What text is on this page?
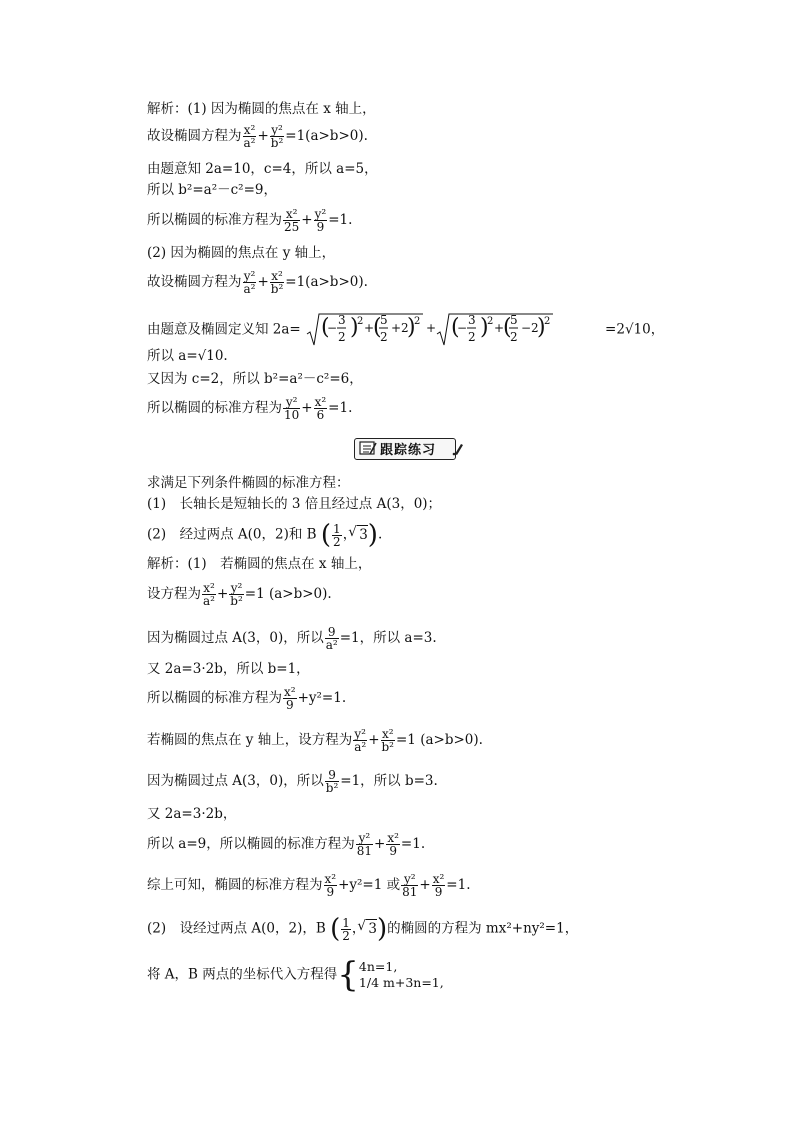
解析：(1) 因为椭圆的焦点在 x 轴上，
故设椭圆方程为 $\frac{\text{x²}}{\text{a²}} + \frac{\text{y²}}{\text{b²}} =1(a>b>0)$.
由题意知 2a=10，c=4，所以 a=5，
所以 b²=a²－c²=9，
所以椭圆的标准方程为 $\frac{\text{x²}}{25} + \frac{\text{y²}}{9} =1$.
(2) 因为椭圆的焦点在 y 轴上，
故设椭圆方程为 $\frac{\text{y²}}{\text{a²}} + \frac{\text{x²}}{\text{b²}} =1(a>b>0)$.
由题意及椭圆定义知 2a= (
−
3
2 )
2 +
(
5
2
+2
)
2 + (
−
3
2 )
2 +
(
5
2
−2
)
2	=2√10，
所以 a=√10.
又因为 c=2，所以 b²=a²－c²=6，
所以椭圆的标准方程为 $\frac{\text{y²}}{10} + \frac{\text{x²}}{6} =1$.
跟踪练习
求满足下列条件椭圆的标准方程：
(1)　长轴长是短轴长的 3 倍且经过点 A(3，0)；
(2)　经过两点 A(0，2)和 B ( $\frac{1}{2}$ ， √ 3).
解析：(1)　若椭圆的焦点在 x 轴上，
设方程为 $\frac{\text{x²}}{\text{a²}} + \frac{\text{y²}}{\text{b²}} =1$ (a>b>0).
因为椭圆过点 A(3，0)，所以 $\frac{9}{\text{a²}} =1$，所以 a=3.
又 2a=3·2b，所以 b=1，
所以椭圆的标准方程为 $\frac{\text{x²}}{9} +y^2=1$.
若椭圆的焦点在 y 轴上，设方程为 $\frac{\text{y²}}{\text{a²}} + \frac{\text{x²}}{\text{b²}} =1$ (a>b>0).
因为椭圆过点 A(3，0)，所以 $\frac{9}{\text{b²}} =1$，所以 b=3.
又 2a=3·2b，
所以 a=9，所以椭圆的标准方程为 $\frac{\text{y²}}{81} + \frac{\text{x²}}{9} =1$.
综上可知，椭圆的标准方程为 $\frac{\text{x²}}{9} +y^2=1$ 或 $\frac{\text{y²}}{81} + \frac{\text{x²}}{9} =1$.
(2)　设经过两点 A(0，2)，B ( $\frac{1}{2}$ ， √ 3)的椭圆的方程为 mx²+ny²=1，
将 A，B 两点的坐标代入方程得{ 4n=1,
1/4 m+3n=1,
